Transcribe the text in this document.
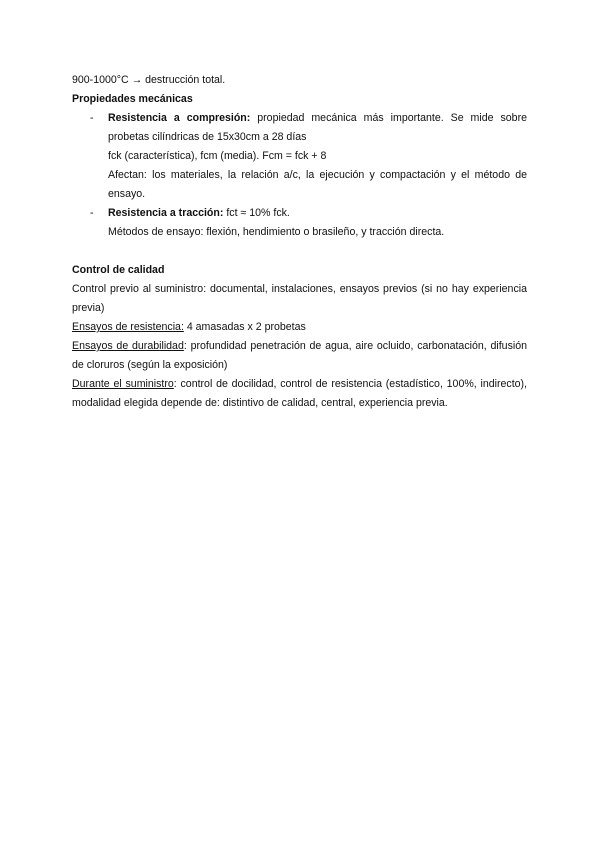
900-1000°C → destrucción total.

Propiedades mecánicas

- Resistencia a compresión: propiedad mecánica más importante. Se mide sobre probetas cilíndricas de 15x30cm a 28 días

fck (característica), fcm (media). Fcm = fck + 8

Afectan: los materiales, la relación a/c, la ejecución y compactación y el método de ensayo.

- Resistencia a tracción: fct ≈ 10% fck.

Métodos de ensayo: flexión, hendimiento o brasileño, y tracción directa.

Control de calidad

Control previo al suministro: documental, instalaciones, ensayos previos (si no hay experiencia previa)

Ensayos de resistencia: 4 amasadas x 2 probetas

Ensayos de durabilidad: profundidad penetración de agua, aire ocluido, carbonatación, difusión de cloruros (según la exposición)

Durante el suministro: control de docilidad, control de resistencia (estadístico, 100%, indirecto), modalidad elegida depende de: distintivo de calidad, central, experiencia previa.
